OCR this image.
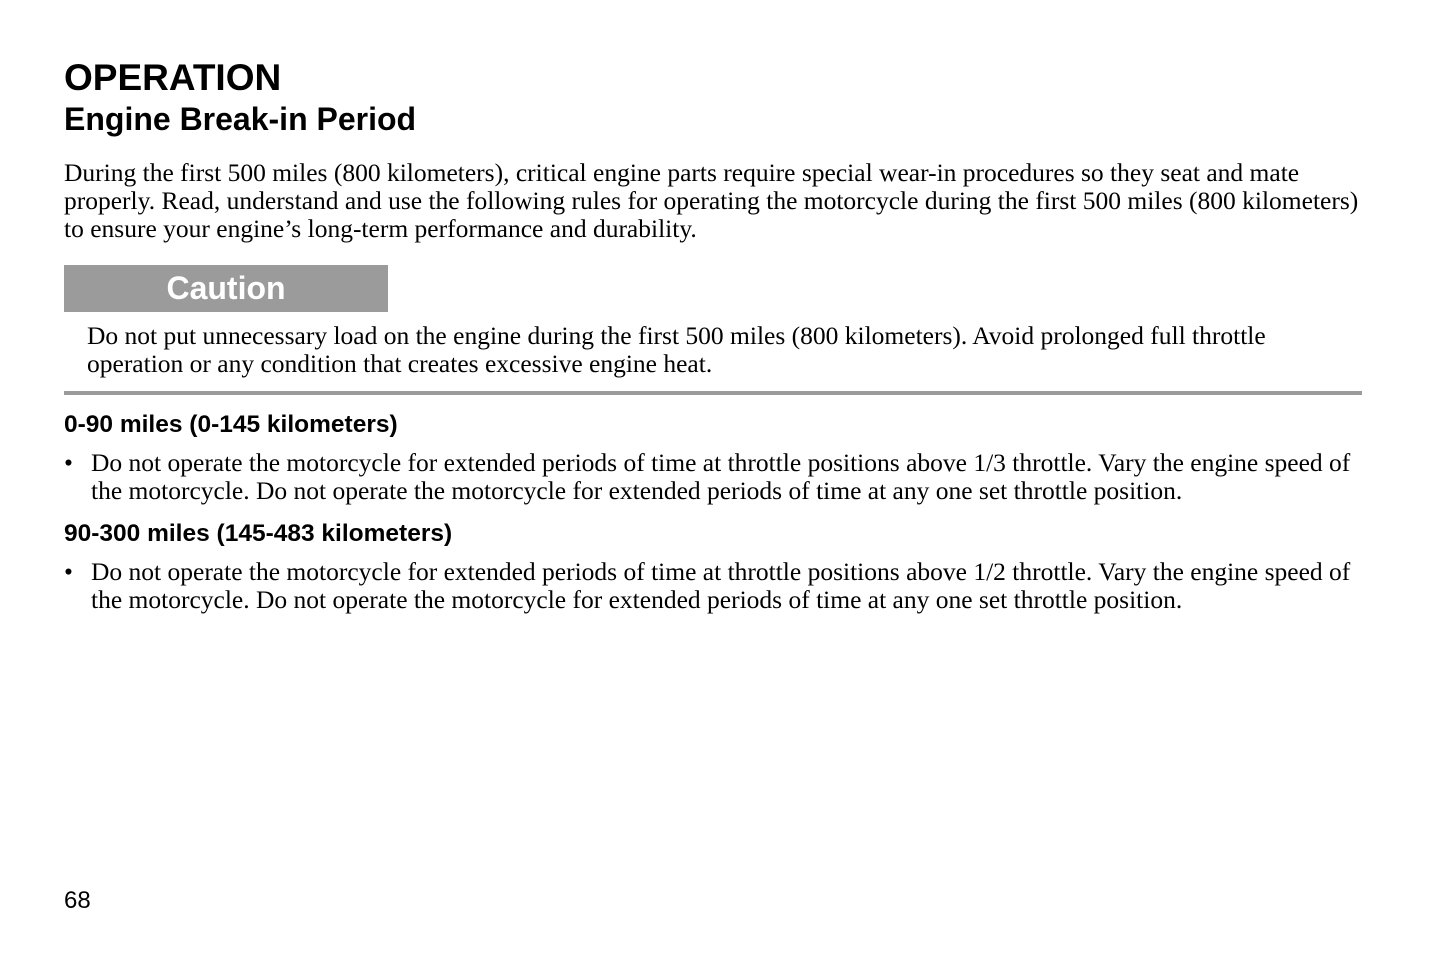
OPERATION
Engine Break-in Period

During the first 500 miles (800 kilometers), critical engine parts require special wear-in procedures so they seat and mate properly. Read, understand and use the following rules for operating the motorcycle during the first 500 miles (800 kilometers) to ensure your engine’s long-term performance and durability.

Caution

Do not put unnecessary load on the engine during the first 500 miles (800 kilometers). Avoid prolonged full throttle operation or any condition that creates excessive engine heat.

0-90 miles (0-145 kilometers)
• Do not operate the motorcycle for extended periods of time at throttle positions above 1/3 throttle. Vary the engine speed of the motorcycle. Do not operate the motorcycle for extended periods of time at any one set throttle position.
90-300 miles (145-483 kilometers)
• Do not operate the motorcycle for extended periods of time at throttle positions above 1/2 throttle. Vary the engine speed of the motorcycle. Do not operate the motorcycle for extended periods of time at any one set throttle position.
68
